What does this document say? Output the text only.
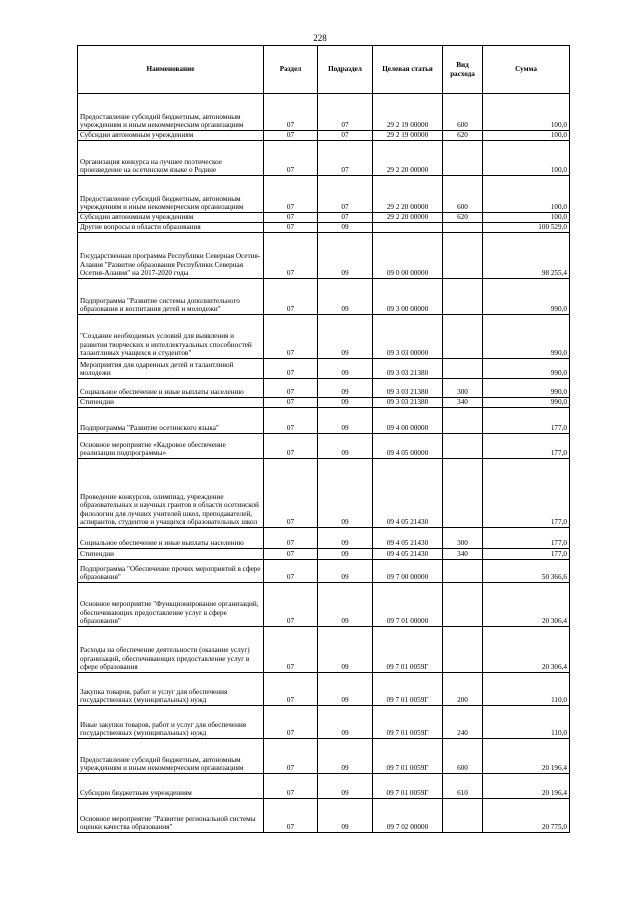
228
Наименование	Раздел	Подраздел	Целевая статья	Вид расхода	Сумма
Предоставление субсидий бюджетным, автономным учреждениям и иным некоммерческим организациям	07	07	29 2 19 00000	600	100,0
Субсидии автономным учреждениям	07	07	29 2 19 00000	620	100,0
Организация конкурса на лучшее поэтическое произведение на осетинском языке о Родине	07	07	29 2 20 00000		100,0
Предоставление субсидий бюджетным, автономным учреждениям и иным некоммерческим организациям	07	07	29 2 20 00000	600	100,0
Субсидии автономным учреждениям	07	07	29 2 20 00000	620	100,0
Другие вопросы в области образования	07	09			100 529,0
Государственная программа Республики Северная Осетия-Алания "Развитие образования Республики Северная Осетия-Алания" на 2017-2020 годы	07	09	09 0 00 00000		98 255,4
Подпрограмма "Развитие системы дополнительного образования и воспитания детей и молодежи"	07	09	09 3 00 00000		990,0
"Создание необходимых условий для выявления и развития творческих и интеллектуальных способностей талантливых учащихся и студентов"	07	09	09 3 03 00000		990,0
Мероприятия для одаренных детей и талантливой молодежи	07	09	09 3 03 21380		990,0
Социальное обеспечение и иные выплаты населению	07	09	09 3 03 21380	300	990,0
Стипендии	07	09	09 3 03 21380	340	990,0
Подпрограмма "Развитие осетинского языка"	07	09	09 4 00 00000		177,0
Основное мероприятие «Кадровое обеспечение реализации подпрограммы»	07	09	09 4 05 00000		177,0
Проведение конкурсов, олимпиад, учреждение образовательных и научных грантов в области осетинской филологии для лучших учителей школ, преподавателей, аспирантов, студентов и учащихся образовательных школ	07	09	09 4 05 21430		177,0
Социальное обеспечение и иные выплаты населению	07	09	09 4 05 21430	300	177,0
Стипендии	07	09	09 4 05 21430	340	177,0
Подпрограмма "Обеспечение прочих мероприятий в сфере образования"	07	09	09 7 00 00000		50 366,6
Основное мероприятие "Функционирование организаций, обеспечивающих предоставление услуг в сфере образования"	07	09	09 7 01 00000		20 306,4
Расходы на обеспечение деятельности (оказание услуг) организаций, обеспечивающих предоставление услуг в сфере образования	07	09	09 7 01 0059Г		20 306,4
Закупка товаров, работ и услуг для обеспечения государственных (муниципальных) нужд	07	09	09 7 01 0059Г	200	110,0
Иные закупки товаров, работ и услуг для обеспечения государственных (муниципальных) нужд	07	09	09 7 01 0059Г	240	110,0
Предоставление субсидий бюджетным, автономным учреждениям и иным некоммерческим организациям	07	09	09 7 01 0059Г	600	20 196,4
Субсидии бюджетным учреждениям	07	09	09 7 01 0059Г	610	20 196,4
Основное мероприятие "Развитие региональной системы оценки качества образования"	07	09	09 7 02 00000		20 775,0
